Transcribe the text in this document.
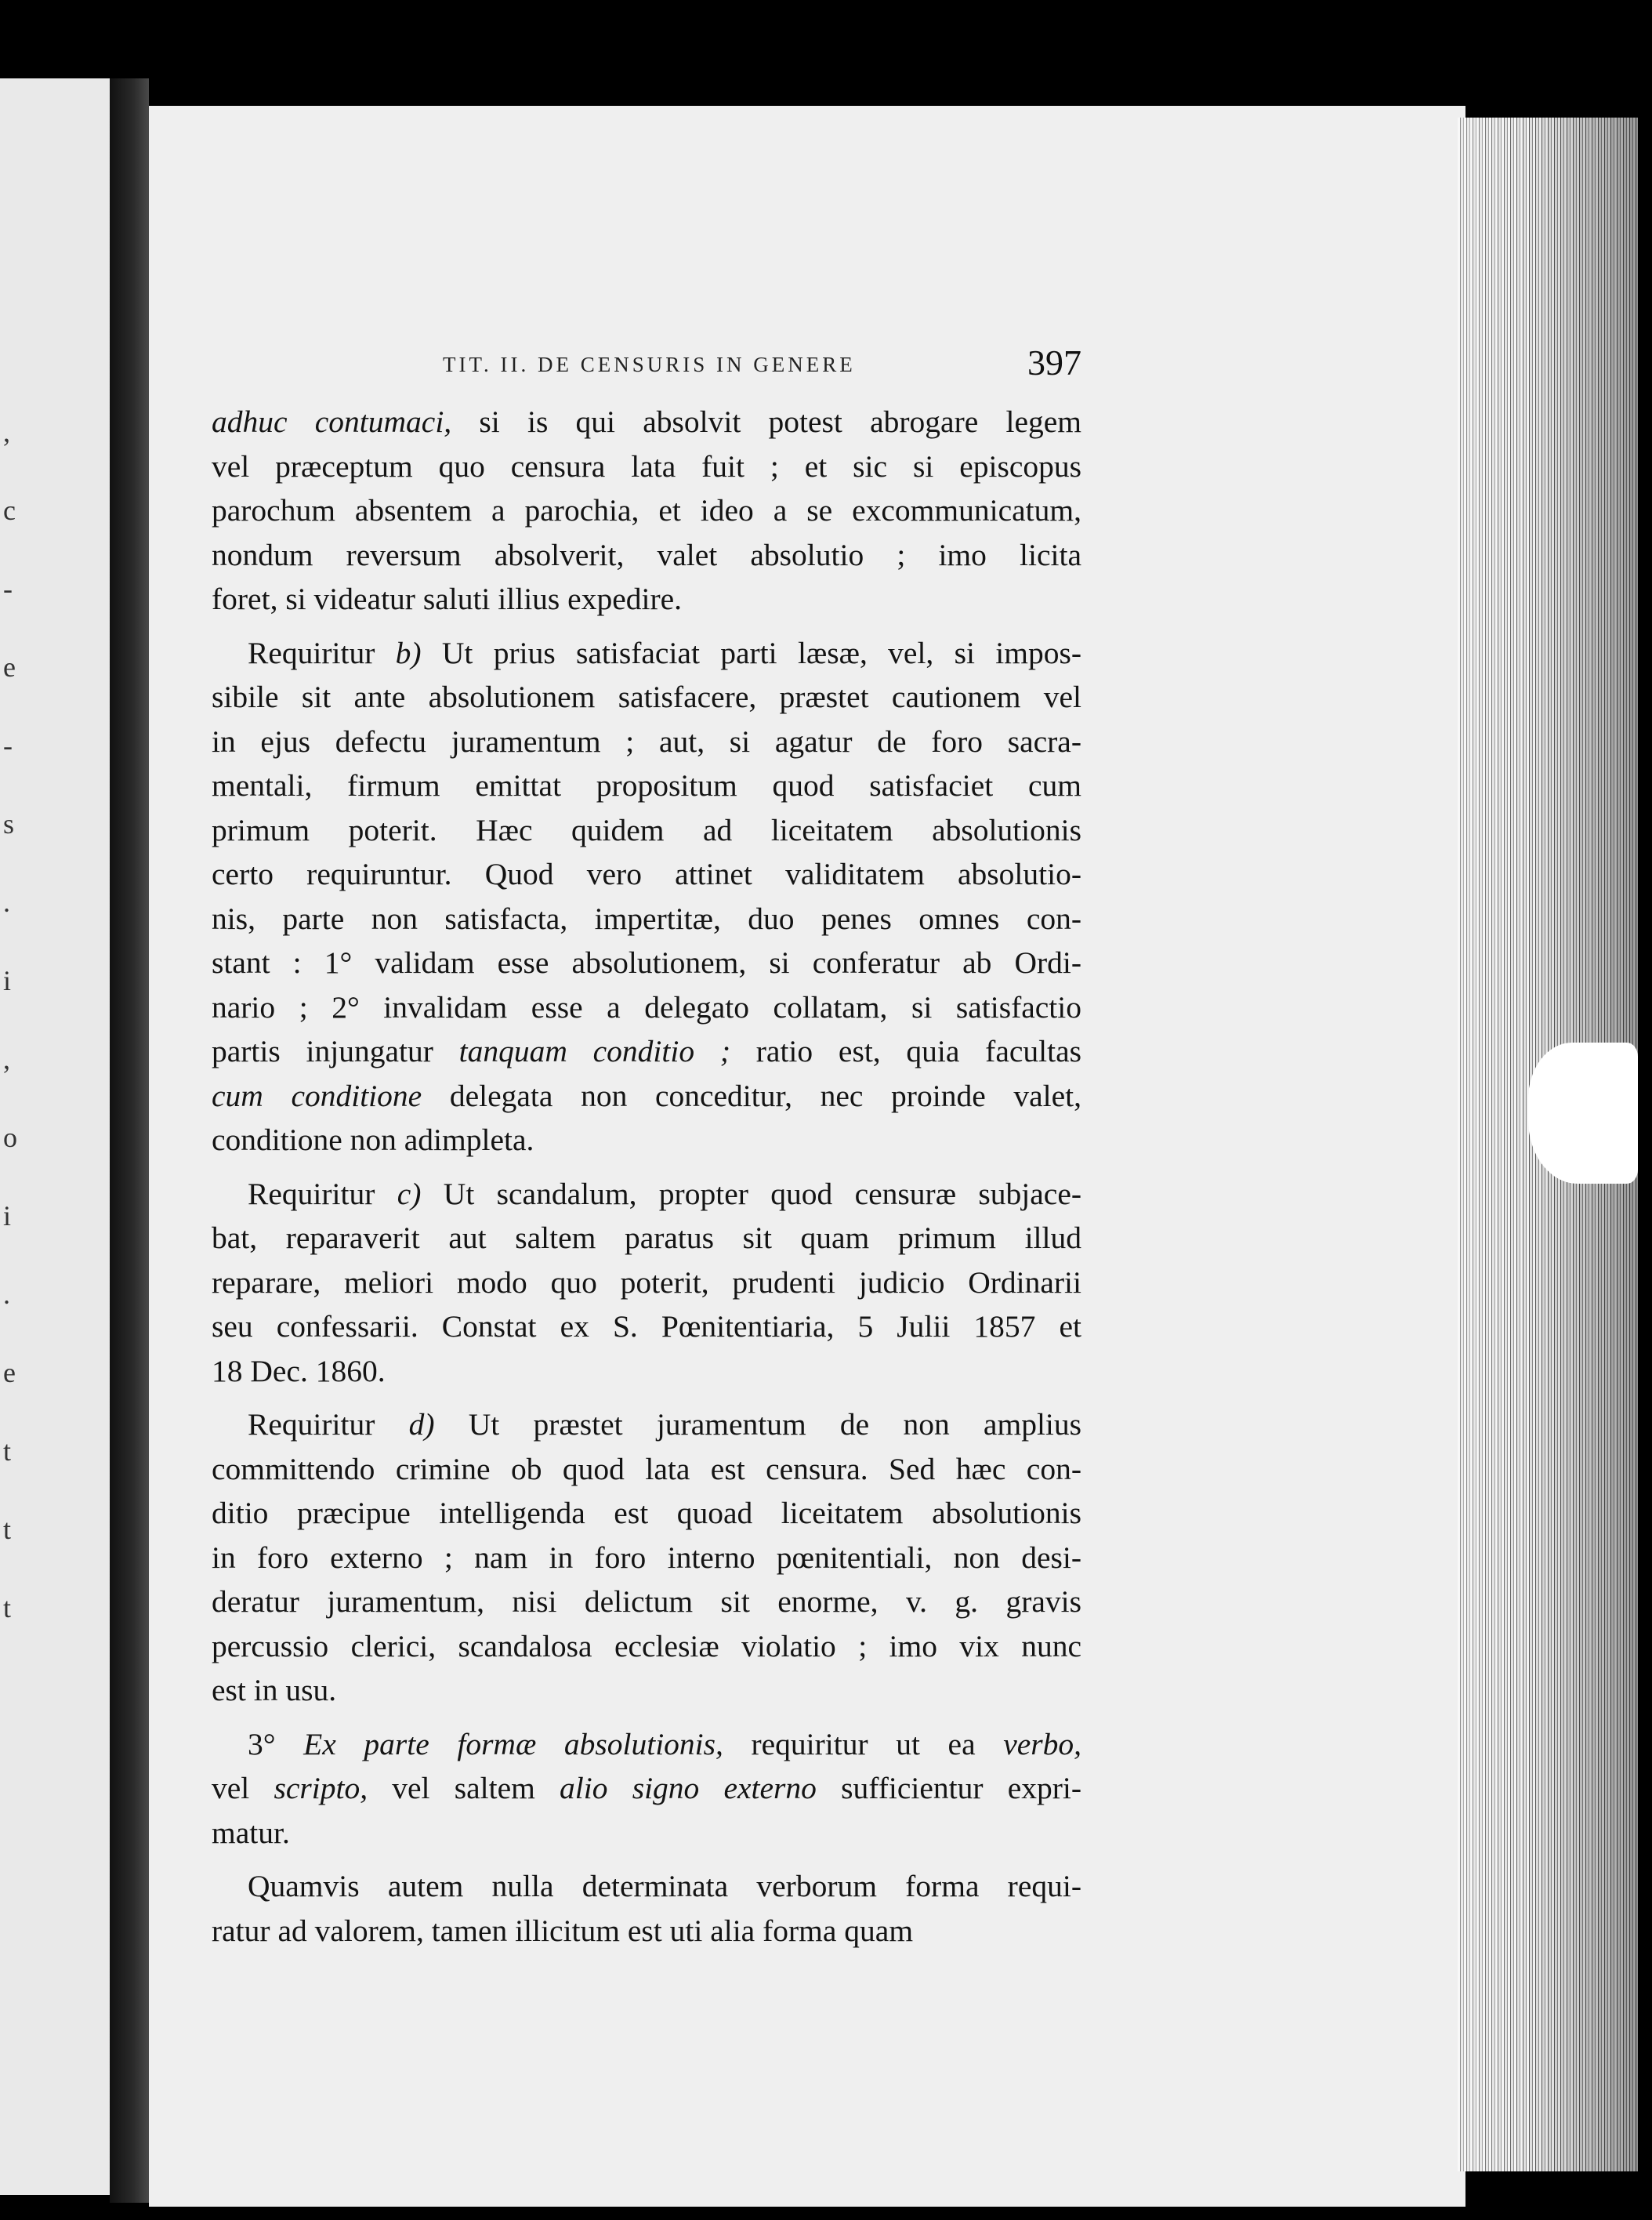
,
c
-
e
-
s
.
i
,
o
i
.
e
t
t
t
TIT. II. DE CENSURIS IN GENERE	397
adhuc contumaci, si is qui absolvit potest abrogare legem
vel præceptum quo censura lata fuit ; et sic si episcopus
parochum absentem a parochia, et ideo a se excommunicatum,
nondum reversum absolverit, valet absolutio ; imo licita
foret, si videatur saluti illius expedire.
Requiritur b) Ut prius satisfaciat parti læsæ, vel, si impos-
sibile sit ante absolutionem satisfacere, præstet cautionem vel
in ejus defectu juramentum ; aut, si agatur de foro sacra-
mentali, firmum emittat propositum quod satisfaciet cum
primum poterit. Hæc quidem ad liceitatem absolutionis
certo requiruntur. Quod vero attinet validitatem absolutio-
nis, parte non satisfacta, impertitæ, duo penes omnes con-
stant : 1° validam esse absolutionem, si conferatur ab Ordi-
nario ; 2° invalidam esse a delegato collatam, si satisfactio
partis injungatur tanquam conditio ; ratio est, quia facultas
cum conditione delegata non conceditur, nec proinde valet,
conditione non adimpleta.
Requiritur c) Ut scandalum, propter quod censuræ subjace-
bat, reparaverit aut saltem paratus sit quam primum illud
reparare, meliori modo quo poterit, prudenti judicio Ordinarii
seu confessarii. Constat ex S. Pœnitentiaria, 5 Julii 1857 et
18 Dec. 1860.
Requiritur d) Ut præstet juramentum de non amplius
committendo crimine ob quod lata est censura. Sed hæc con-
ditio præcipue intelligenda est quoad liceitatem absolutionis
in foro externo ; nam in foro interno pœnitentiali, non desi-
deratur juramentum, nisi delictum sit enorme, v. g. gravis
percussio clerici, scandalosa ecclesiæ violatio ; imo vix nunc
est in usu.
3° Ex parte formæ absolutionis, requiritur ut ea verbo,
vel scripto, vel saltem alio signo externo sufficientur expri-
matur.
Quamvis autem nulla determinata verborum forma requi-
ratur ad valorem, tamen illicitum est uti alia forma quam
